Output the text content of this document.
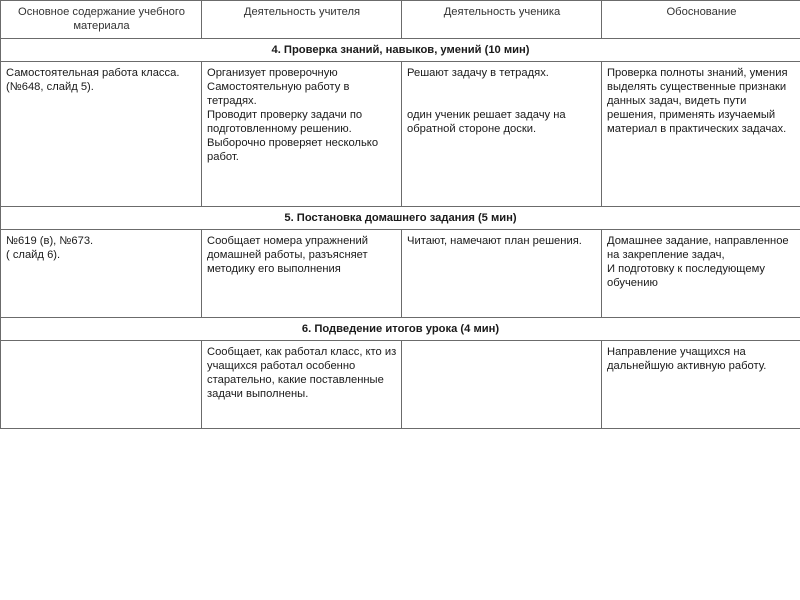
Основное содержание учебного материала	Деятельность учителя	Деятельность ученика	Обоснование
4. Проверка знаний, навыков, умений (10 мин)			
Самостоятельная работа класса.
(№648, слайд 5).	Организует проверочную Самостоятельную работу в тетрадях.
Проводит проверку задачи по подготовленному решению.
Выборочно проверяет несколько работ.	Решают задачу в тетрадях.
один ученик решает задачу на обратной стороне доски.	Проверка полноты знаний, умения выделять существенные признаки данных задач, видеть пути решения, применять изучаемый материал в практических задачах.
5. Постановка домашнего задания (5 мин)			
№619 (в), №673.
( слайд 6).	Сообщает номера упражнений домашней работы, разъясняет методику его выполнения	Читают, намечают план решения.	Домашнее задание, направленное на закрепление задач,
И подготовку к последующему обучению
6. Подведение итогов урока (4 мин)			
	Сообщает, как работал класс, кто из учащихся работал особенно старательно, какие поставленные задачи выполнены.		Направление учащихся на дальнейшую активную работу.
